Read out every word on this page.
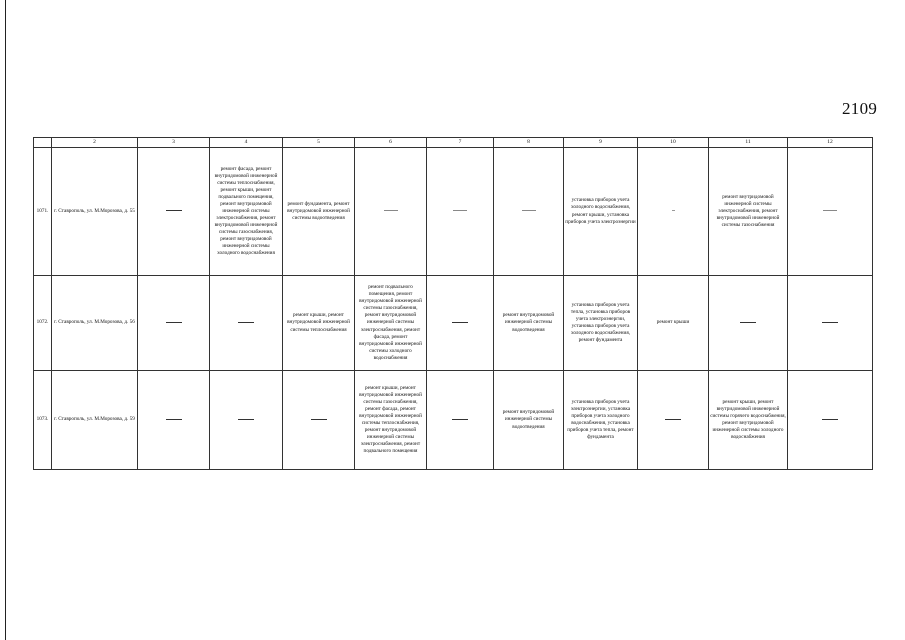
2109
	2	3	4	5	6	7	8	9	10	11	12
1071.	г. Ставрополь, ул. М.Морозова, д. 55		ремонт фасада, ремонт внутридомовой инженерной системы теплоснабжения, ремонт крыши, ремонт подвального помещения, ремонт внутридомовой инженерной системы электроснабжения, ремонт внутридомовой инженерной системы газоснабжения, ремонт внутридомовой инженерной системы холодного водоснабжения	ремонт фундамента, ремонт внутридомовой инженерной системы водоотведения				установка приборов учета холодного водоснабжения, ремонт крыши, установка приборов учета электроэнергии		ремонт внутридомовой инженерной системы электроснабжения, ремонт внутридомовой инженерной системы газоснабжения	
1072.	г. Ставрополь, ул. М.Морозова, д. 56			ремонт крыши, ремонт внутридомовой инженерной системы теплоснабжения	ремонт подвального помещения, ремонт внутридомовой инженерной системы газоснабжения, ремонт внутридомовой инженерной системы электроснабжения, ремонт фасада, ремонт внутридомовой инженерной системы холодного водоснабжения		ремонт внутридомовой инженерной системы водоотведения	установка приборов учета тепла, установка приборов учета электроэнергии, установка приборов учета холодного водоснабжения, ремонт фундамента	ремонт крыши		
1073.	г. Ставрополь, ул. М.Морозова, д. 59				ремонт крыши, ремонт внутридомовой инженерной системы газоснабжения, ремонт фасада, ремонт внутридомовой инженерной системы теплоснабжения, ремонт внутридомовой инженерной системы электроснабжения, ремонт подвального помещения		ремонт внутридомовой инженерной системы водоотведения	установка приборов учета электроэнергии, установка приборов учета холодного водоснабжения, установка приборов учета тепла, ремонт фундамента		ремонт крыши, ремонт внутридомовой инженерной системы горячего водоснабжения, ремонт внутридомовой инженерной системы холодного водоснабжения	
